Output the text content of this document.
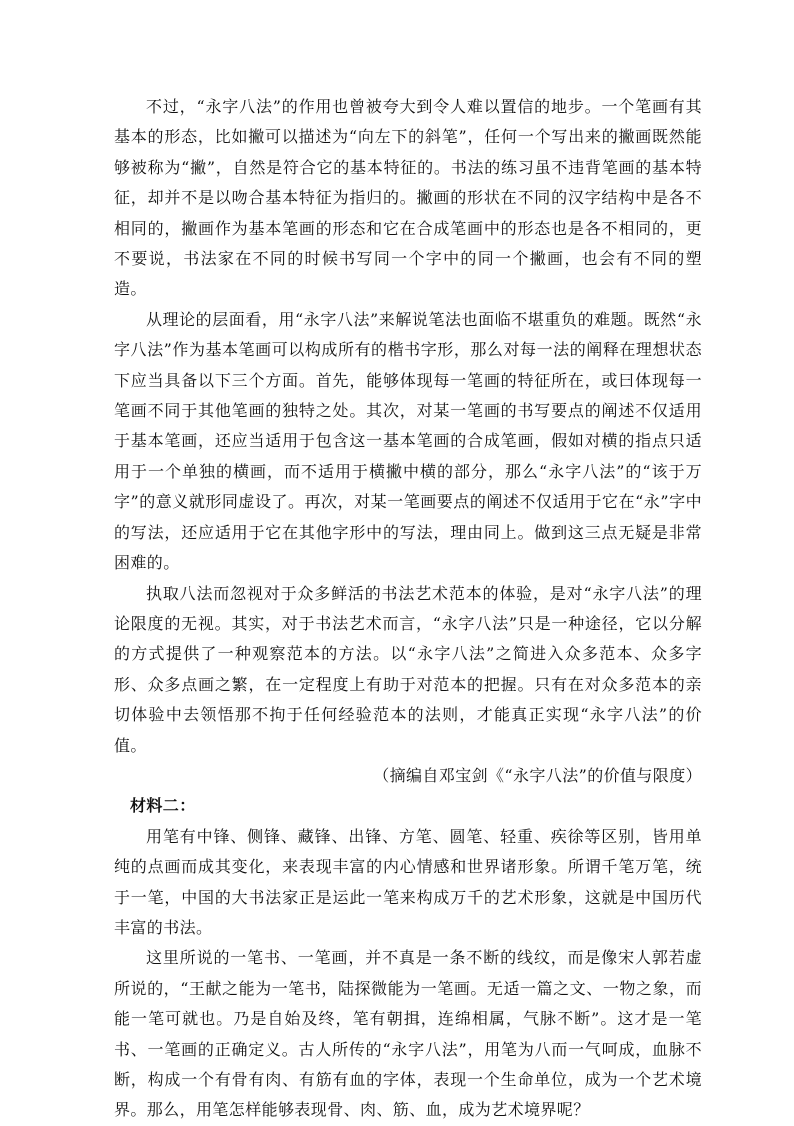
不过，“永字八法”的作用也曾被夸大到令人难以置信的地步。一个笔画有其基本的形态，比如撇可以描述为“向左下的斜笔”，任何一个写出来的撇画既然能够被称为“撇”，自然是符合它的基本特征的。书法的练习虽不违背笔画的基本特征，却并不是以吻合基本特征为指归的。撇画的形状在不同的汉字结构中是各不相同的，撇画作为基本笔画的形态和它在合成笔画中的形态也是各不相同的，更不要说，书法家在不同的时候书写同一个字中的同一个撇画，也会有不同的塑造。

从理论的层面看，用“永字八法”来解说笔法也面临不堪重负的难题。既然“永字八法”作为基本笔画可以构成所有的楷书字形，那么对每一法的阐释在理想状态下应当具备以下三个方面。首先，能够体现每一笔画的特征所在，或曰体现每一笔画不同于其他笔画的独特之处。其次，对某一笔画的书写要点的阐述不仅适用于基本笔画，还应当适用于包含这一基本笔画的合成笔画，假如对横的指点只适用于一个单独的横画，而不适用于横撇中横的部分，那么“永字八法”的“该于万字”的意义就形同虚设了。再次，对某一笔画要点的阐述不仅适用于它在“永”字中的写法，还应适用于它在其他字形中的写法，理由同上。做到这三点无疑是非常困难的。

执取八法而忽视对于众多鲜活的书法艺术范本的体验，是对“永字八法”的理论限度的无视。其实，对于书法艺术而言，“永字八法”只是一种途径，它以分解的方式提供了一种观察范本的方法。以“永字八法”之简进入众多范本、众多字形、众多点画之繁，在一定程度上有助于对范本的把握。只有在对众多范本的亲切体验中去领悟那不拘于任何经验范本的法则，才能真正实现“永字八法”的价值。

（摘编自邓宝剑《“永字八法”的价值与限度）

材料二：

用笔有中锋、侧锋、藏锋、出锋、方笔、圆笔、轻重、疾徐等区别，皆用单纯的点画而成其变化，来表现丰富的内心情感和世界诸形象。所谓千笔万笔，统于一笔，中国的大书法家正是运此一笔来构成万千的艺术形象，这就是中国历代丰富的书法。

这里所说的一笔书、一笔画，并不真是一条不断的线纹，而是像宋人郭若虚所说的，“王献之能为一笔书，陆探微能为一笔画。无适一篇之文、一物之象，而能一笔可就也。乃是自始及终，笔有朝揖，连绵相属，气脉不断”。这才是一笔书、一笔画的正确定义。古人所传的“永字八法”，用笔为八而一气呵成，血脉不断，构成一个有骨有肉、有筋有血的字体，表现一个生命单位，成为一个艺术境界。那么，用笔怎样能够表现骨、肉、筋、血，成为艺术境界呢？
